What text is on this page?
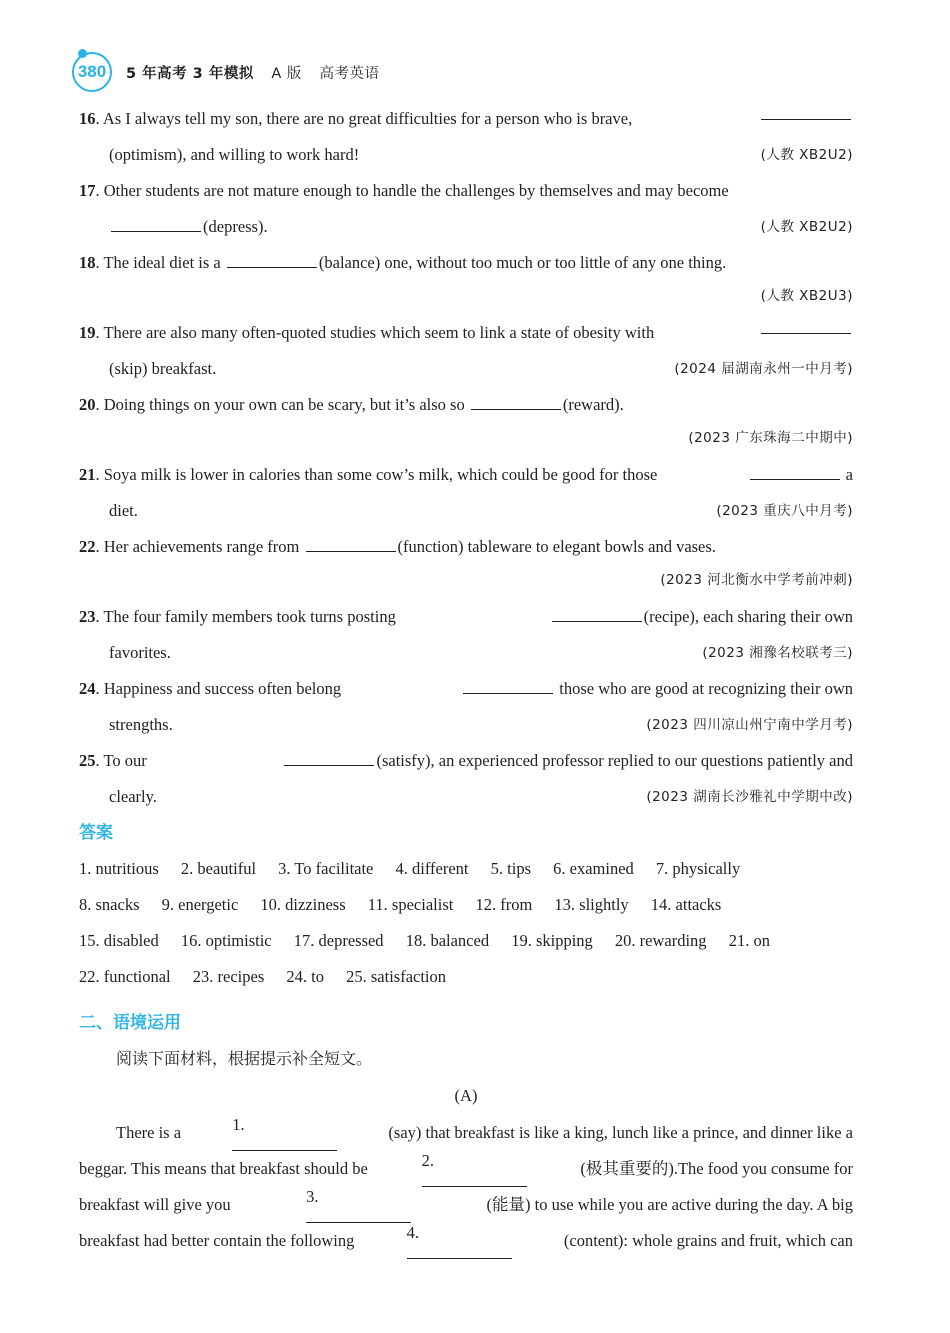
380	5 年高考 3 年模拟 A 版 高考英语
16. As I always tell my son, there are no great difficulties for a person who is brave,
(optimism), and willing to work hard!	(人教 XB2U2)
17. Other students are not mature enough to handle the challenges by themselves and may become
(depress).	(人教 XB2U2)
18. The ideal diet is a	(balance) one, without too much or too little of any one thing.
(人教 XB2U3)
19. There are also many often-quoted studies which seem to link a state of obesity with
(skip) breakfast.	(2024 届湖南永州一中月考)
20. Doing things on your own can be scary, but it’s also so	(reward).
(2023 广东珠海二中期中)
21. Soya milk is lower in calories than some cow’s milk, which could be good for those	a
diet.	(2023 重庆八中月考)
22. Her achievements range from	(function) tableware to elegant bowls and vases.
(2023 河北衡水中学考前冲刺)
23. The four family members took turns posting	(recipe), each sharing their own
favorites.	(2023 湘豫名校联考三)
24. Happiness and success often belong	those who are good at recognizing their own
strengths.	(2023 四川凉山州宁南中学月考)
25. To our	(satisfy), an experienced professor replied to our questions patiently and
clearly.	(2023 湖南长沙雅礼中学期中改)
答案
1. nutritious 2. beautiful 3. To facilitate 4. different 5. tips 6. examined 7. physically
8. snacks 9. energetic 10. dizziness 11. specialist 12. from 13. slightly 14. attacks
15. disabled 16. optimistic 17. depressed 18. balanced 19. skipping 20. rewarding 21. on
22. functional 23. recipes 24. to 25. satisfaction
二、语境运用
阅读下面材料，根据提示补全短文。
(A)
There is a	1.	(say) that breakfast is like a king, lunch like a prince, and dinner like a
beggar. This means that breakfast should be	2.	(极其重要的).The food you consume for
breakfast will give you	3.	(能量) to use while you are active during the day. A big
breakfast had better contain the following	4.	(content): whole grains and fruit, which can
